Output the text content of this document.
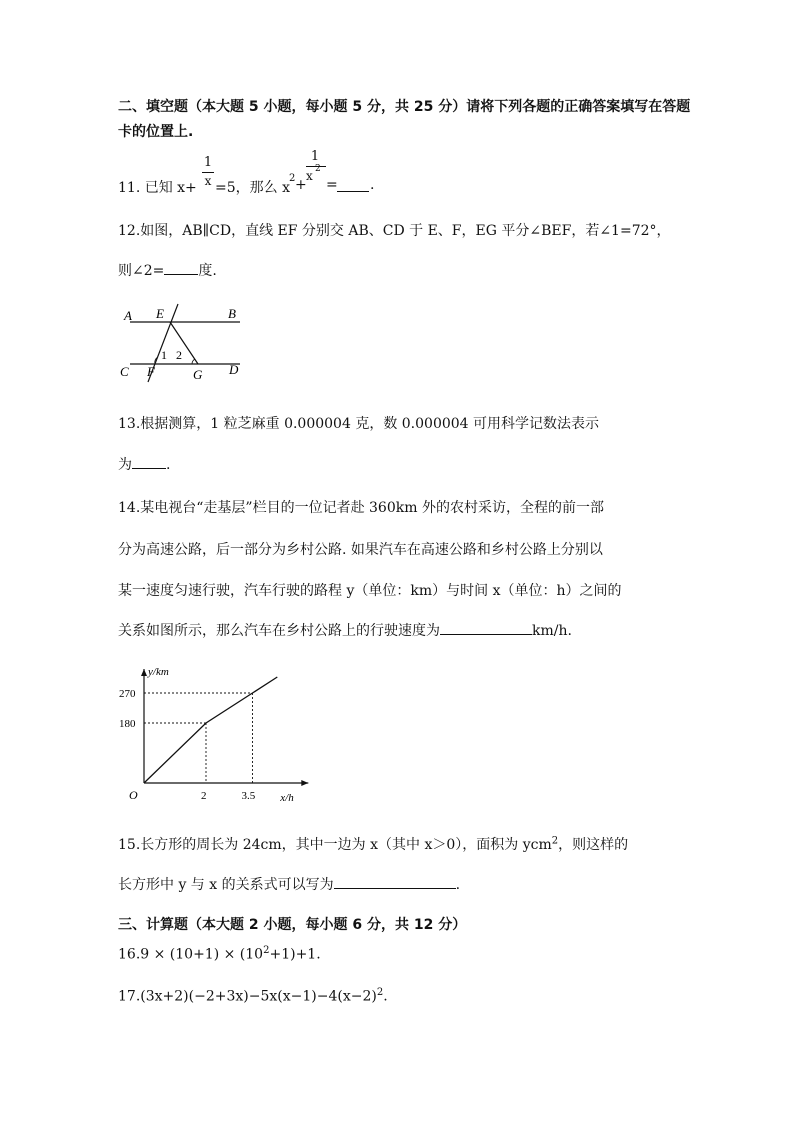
二、填空题（本大题 5 小题，每小题 5 分，共 25 分）请将下列各题的正确答案填写在答题
卡的位置上.
11. 已知 x+
1
x =5，那么 x
2 +
1
x 2
= .
12.如图，AB∥CD，直线 EF 分别交 AB、CD 于 E、F，EG 平分∠BEF，若∠1=72°，
则∠2= 度.
A E	B
C F	G D
1 2
13.根据测算，1 粒芝麻重 0.000004 克，数 0.000004 可用科学记数法表示
为 .
14.某电视台“走基层”栏目的一位记者赴 360km 外的农村采访，全程的前一部
分为高速公路，后一部分为乡村公路. 如果汽车在高速公路和乡村公路上分别以
某一速度匀速行驶，汽车行驶的路程 y（单位：km）与时间 x（单位：h）之间的
关系如图所示，那么汽车在乡村公路上的行驶速度为	km/h.
y/km
x/h
O	2
180
3.5
270
15.长方形的周长为 24cm，其中一边为 x（其中 x＞0），面积为 ycm$^2$，则这样的
长方形中 y 与 x 的关系式可以写为	.
三、计算题（本大题 2 小题，每小题 6 分，共 12 分）
$16.9 \times (10+1) \times (10^2+1)+1$.
$17.(3x+2)(-2+3x)-5x(x-1)-4(x-2)^2$.
